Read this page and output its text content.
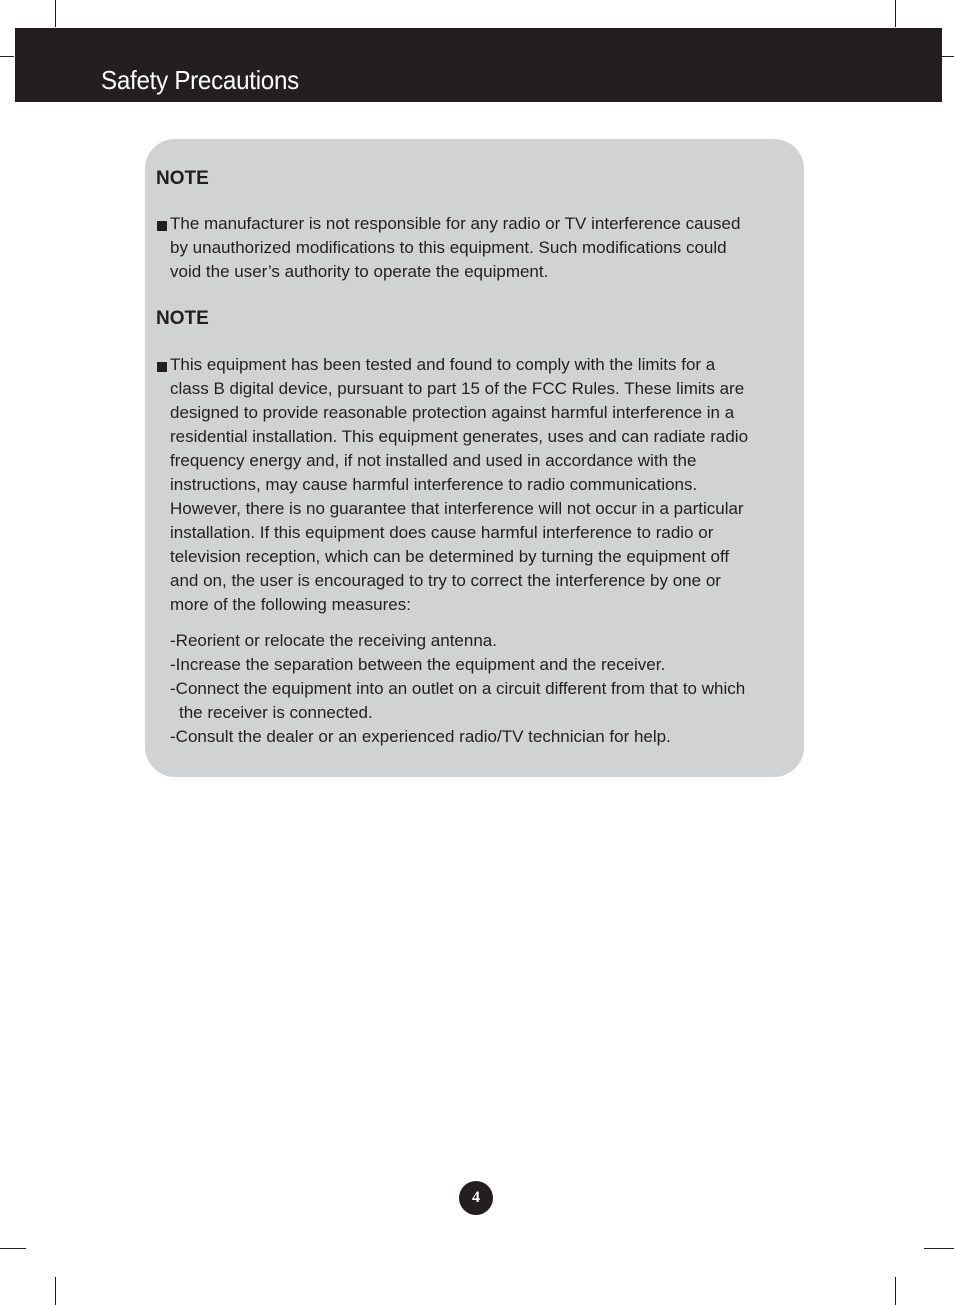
Safety Precautions
NOTE
The manufacturer is not responsible for any radio or TV interference caused
by unauthorized modifications to this equipment. Such modifications could
void the user’s authority to operate the equipment.
NOTE
This equipment has been tested and found to comply with the limits for a
class B digital device, pursuant to part 15 of the FCC Rules. These limits are
designed to provide reasonable protection against harmful interference in a
residential installation. This equipment generates, uses and can radiate radio
frequency energy and, if not installed and used in accordance with the
instructions, may cause harmful interference to radio communications.
However, there is no guarantee that interference will not occur in a particular
installation. If this equipment does cause harmful interference to radio or
television reception, which can be determined by turning the equipment off
and on, the user is encouraged to try to correct the interference by one or
more of the following measures:
-Reorient or relocate the receiving antenna.
-Increase the separation between the equipment and the receiver.
-Connect the equipment into an outlet on a circuit different from that to which
the receiver is connected.
-Consult the dealer or an experienced radio/TV technician for help.
4
